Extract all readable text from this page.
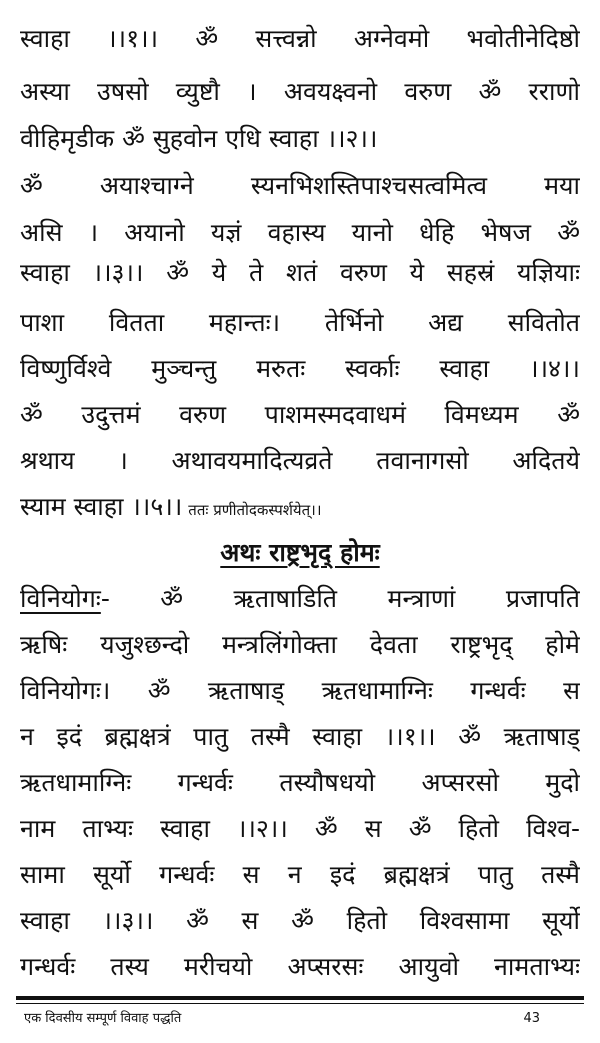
स्वाहा ।।१।। ॐ सत्त्वन्नो अग्नेवमो भवोतीनेदिष्ठो
अस्या उषसो व्युष्टौ । अवयक्ष्वनो वरुण ॐ रराणो
वीहिमृडीक ॐ सुहवोन एधि स्वाहा ।।२।।
ॐ अयाश्चाग्ने स्यनभिशस्तिपाश्चसत्वमित्व मया
असि । अयानो यज्ञं वहास्य यानो धेहि भेषज ॐ
स्वाहा ।।३।। ॐ ये ते शतं वरुण ये सहस्रं यज्ञियाः
पाशा वितता महान्तः। तेर्भिनो अद्य सवितोत
विष्णुर्विश्वे मुञ्चन्तु मरुतः स्वर्काः स्वाहा ।।४।।
ॐ उदुत्तमं वरुण पाशमस्मदवाधमं विमध्यम ॐ
श्रथाय । अथावयमादित्यव्रते तवानागसो अदितये
स्याम स्वाहा ।।५।। ततः प्रणीतोदकस्पर्शयेत्।।
अथः राष्ट्रभृद् होमः
विनियोगः- ॐ ऋताषाडिति मन्त्राणां प्रजापति
ऋषिः यजुश्छन्दो मन्त्रलिंगोक्ता देवता राष्ट्रभृद् होमे
विनियोगः। ॐ ऋताषाड् ऋतधामाग्निः गन्धर्वः स
न इदं ब्रह्मक्षत्रं पातु तस्मै स्वाहा ।।१।। ॐ ऋताषाड्
ऋतधामाग्निः गन्धर्वः तस्यौषधयो अप्सरसो मुदो
नाम ताभ्यः स्वाहा ।।२।। ॐ स ॐ हितो विश्व-
सामा सूर्यो गन्धर्वः स न इदं ब्रह्मक्षत्रं पातु तस्मै
स्वाहा ।।३।। ॐ स ॐ हितो विश्वसामा सूर्यो
गन्धर्वः तस्य मरीचयो अप्सरसः आयुवो नामताभ्यः
एक दिवसीय सम्पूर्ण विवाह पद्धति	43
